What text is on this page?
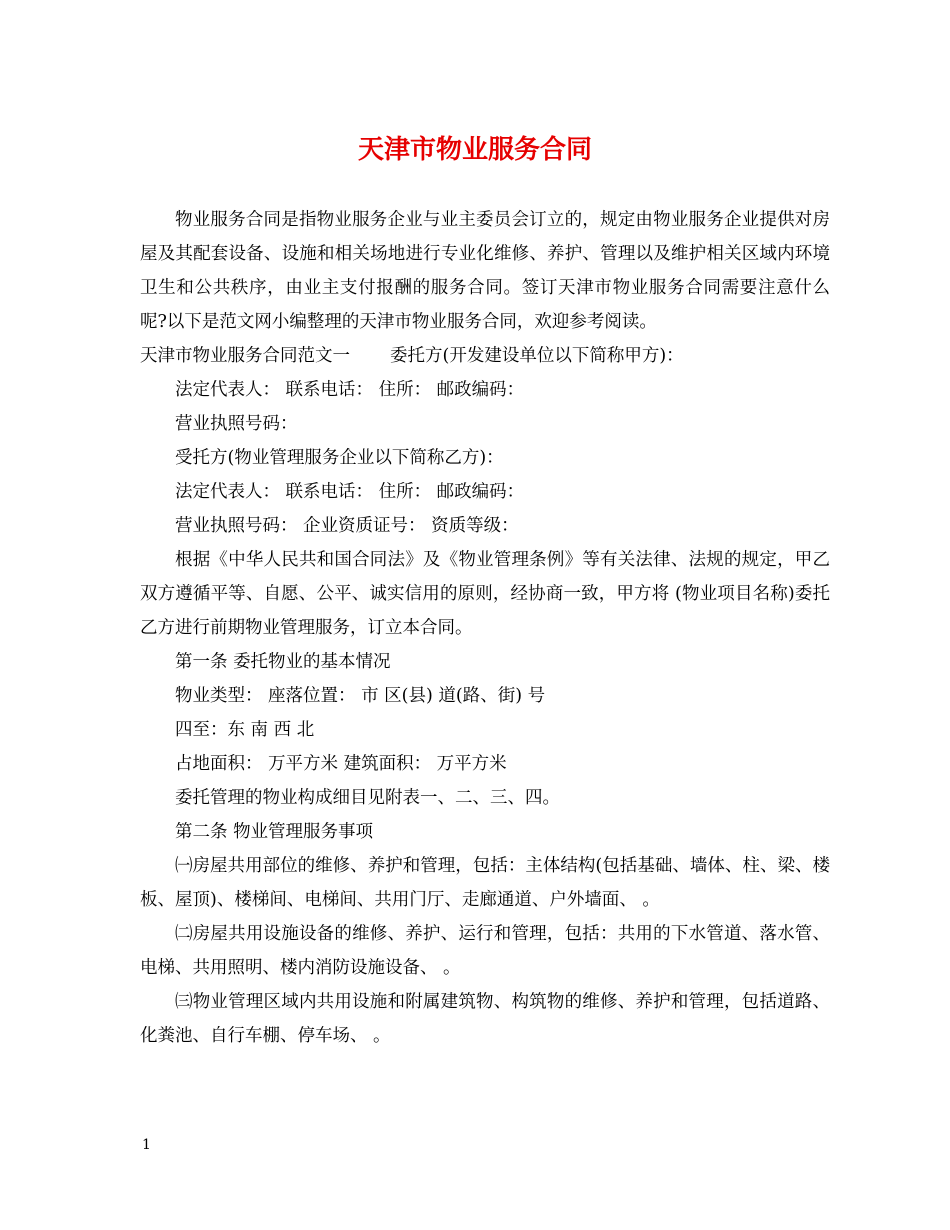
天津市物业服务合同

物业服务合同是指物业服务企业与业主委员会订立的，规定由物业服务企业提供对房屋及其配套设备、设施和相关场地进行专业化维修、养护、管理以及维护相关区域内环境卫生和公共秩序，由业主支付报酬的服务合同。签订天津市物业服务合同需要注意什么呢?以下是范文网小编整理的天津市物业服务合同，欢迎参考阅读。

天津市物业服务合同范文一 委托方(开发建设单位以下简称甲方)：

法定代表人： 联系电话： 住所： 邮政编码：

营业执照号码：

受托方(物业管理服务企业以下简称乙方)：

法定代表人： 联系电话： 住所： 邮政编码：

营业执照号码： 企业资质证号： 资质等级：

根据《中华人民共和国合同法》及《物业管理条例》等有关法律、法规的规定，甲乙双方遵循平等、自愿、公平、诚实信用的原则，经协商一致，甲方将 (物业项目名称)委托乙方进行前期物业管理服务，订立本合同。

第一条 委托物业的基本情况

物业类型： 座落位置： 市 区(县) 道(路、街) 号

四至：东 南 西 北

占地面积： 万平方米 建筑面积： 万平方米

委托管理的物业构成细目见附表一、二、三、四。

第二条 物业管理服务事项

㈠房屋共用部位的维修、养护和管理，包括：主体结构(包括基础、墙体、柱、梁、楼板、屋顶)、楼梯间、电梯间、共用门厅、走廊通道、户外墙面、 。

㈡房屋共用设施设备的维修、养护、运行和管理，包括：共用的下水管道、落水管、电梯、共用照明、楼内消防设施设备、 。

㈢物业管理区域内共用设施和附属建筑物、构筑物的维修、养护和管理，包括道路、化粪池、自行车棚、停车场、 。

1
